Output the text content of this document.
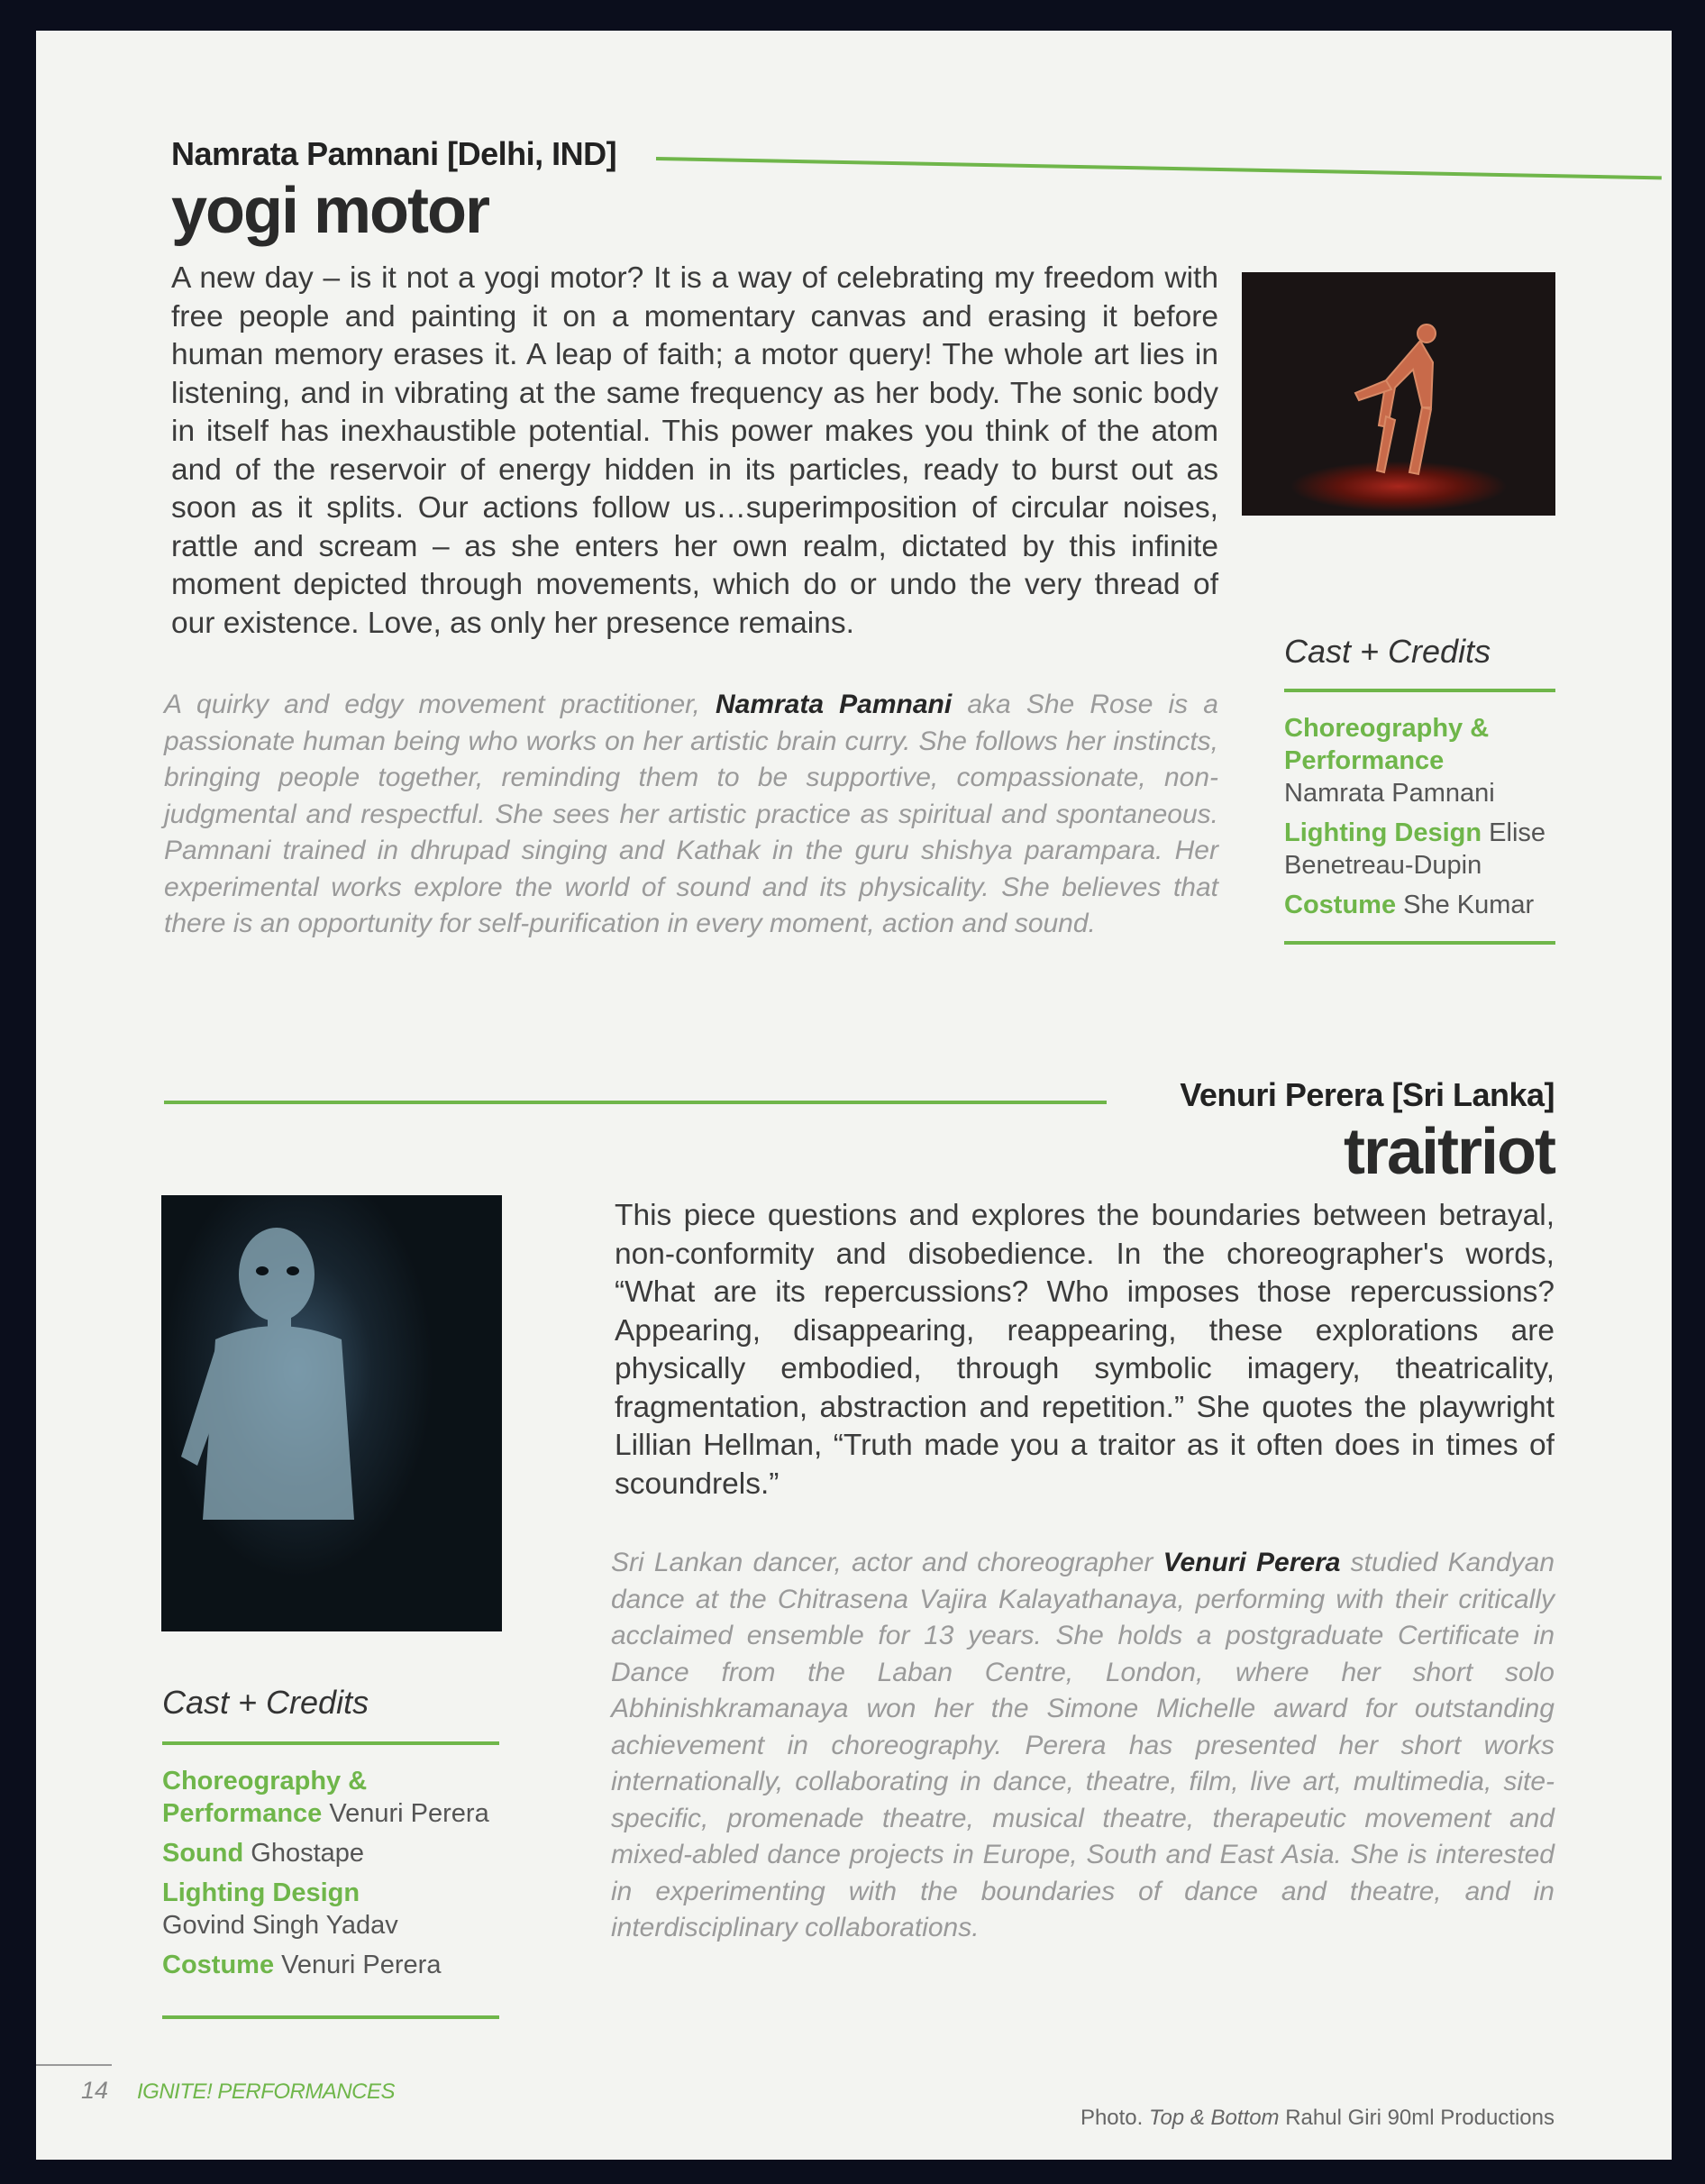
Namrata Pamnani [Delhi, IND]
yogi motor

A new day – is it not a yogi motor? It is a way of celebrating my freedom with free people and painting it on a momentary canvas and erasing it before human memory erases it. A leap of faith; a motor query! The whole art lies in listening, and in vibrating at the same frequency as her body. The sonic body in itself has inexhaustible potential. This power makes you think of the atom and of the reservoir of energy hidden in its particles, ready to burst out as soon as it splits. Our actions follow us…superimposition of circular noises, rattle and scream – as she enters her own realm, dictated by this infinite moment depicted through movements, which do or undo the very thread of our existence. Love, as only her presence remains.

A quirky and edgy movement practitioner, Namrata Pamnani aka She Rose is a passionate human being who works on her artistic brain curry. She follows her instincts, bringing people together, reminding them to be supportive, compassionate, non-judgmental and respectful. She sees her artistic practice as spiritual and spontaneous. Pamnani trained in dhrupad singing and Kathak in the guru shishya parampara. Her experimental works explore the world of sound and its physicality. She believes that there is an opportunity for self-purification in every moment, action and sound.

Cast + Credits
Choreography & Performance
Namrata Pamnani
Lighting Design Elise Benetreau-Dupin
Costume She Kumar
Venuri Perera [Sri Lanka]
traitriot

This piece questions and explores the boundaries between betrayal, non-conformity and disobedience. In the choreographer's words, “What are its repercussions? Who imposes those repercussions? Appearing, disappearing, reappearing, these explorations are physically embodied, through symbolic imagery, theatricality, fragmentation, abstraction and repetition.” She quotes the playwright Lillian Hellman, “Truth made you a traitor as it often does in times of scoundrels.”

Sri Lankan dancer, actor and choreographer Venuri Perera studied Kandyan dance at the Chitrasena Vajira Kalayathanaya, performing with their critically acclaimed ensemble for 13 years. She holds a postgraduate Certificate in Dance from the Laban Centre, London, where her short solo Abhinishkramanaya won her the Simone Michelle award for outstanding achievement in choreography. Perera has presented her short works internationally, collaborating in dance, theatre, film, live art, multimedia, site-specific, promenade theatre, musical theatre, therapeutic movement and mixed-abled dance projects in Europe, South and East Asia. She is interested in experimenting with the boundaries of dance and theatre, and in interdisciplinary collaborations.

Cast + Credits
Choreography & Performance Venuri Perera
Sound Ghostape
Lighting Design
Govind Singh Yadav
Costume Venuri Perera
14 IGNITE! PERFORMANCES
Photo. Top & Bottom Rahul Giri 90ml Productions
